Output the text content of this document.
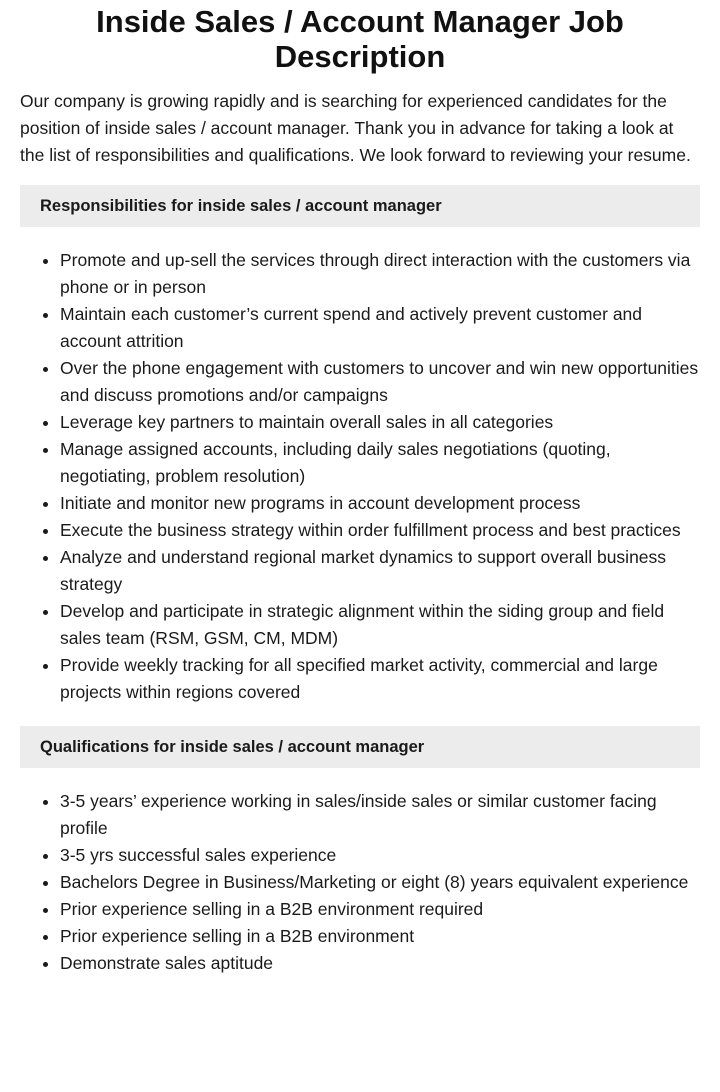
Inside Sales / Account Manager Job Description

Our company is growing rapidly and is searching for experienced candidates for the position of inside sales / account manager. Thank you in advance for taking a look at the list of responsibilities and qualifications. We look forward to reviewing your resume.

Responsibilities for inside sales / account manager
• Promote and up-sell the services through direct interaction with the customers via phone or in person
• Maintain each customer’s current spend and actively prevent customer and account attrition
• Over the phone engagement with customers to uncover and win new opportunities and discuss promotions and/or campaigns
• Leverage key partners to maintain overall sales in all categories
• Manage assigned accounts, including daily sales negotiations (quoting, negotiating, problem resolution)
• Initiate and monitor new programs in account development process
• Execute the business strategy within order fulfillment process and best practices
• Analyze and understand regional market dynamics to support overall business strategy
• Develop and participate in strategic alignment within the siding group and field sales team (RSM, GSM, CM, MDM)
• Provide weekly tracking for all specified market activity, commercial and large projects within regions covered
Qualifications for inside sales / account manager
• 3-5 years’ experience working in sales/inside sales or similar customer facing profile
• 3-5 yrs successful sales experience
• Bachelors Degree in Business/Marketing or eight (8) years equivalent experience
• Prior experience selling in a B2B environment required
• Prior experience selling in a B2B environment
• Demonstrate sales aptitude
